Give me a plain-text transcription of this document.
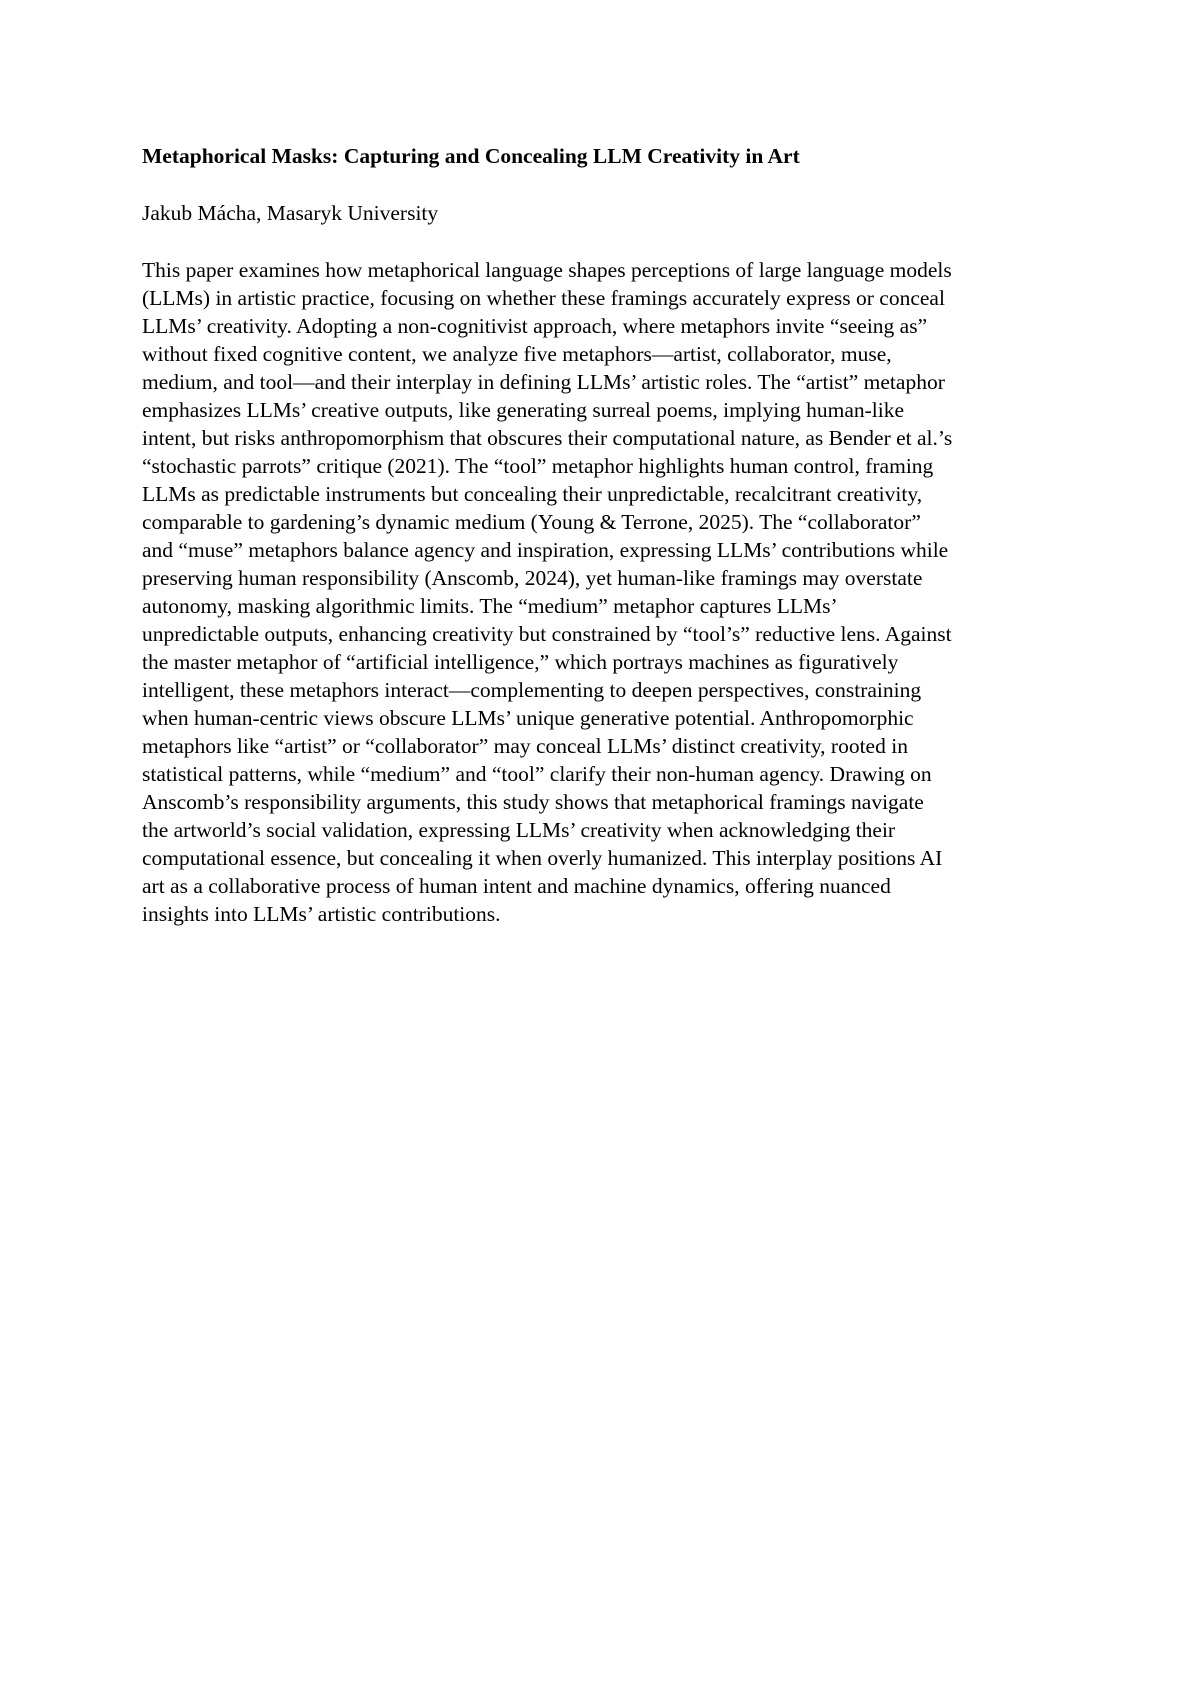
Metaphorical Masks: Capturing and Concealing LLM Creativity in Art

Jakub Mácha, Masaryk University

This paper examines how metaphorical language shapes perceptions of large language models
(LLMs) in artistic practice, focusing on whether these framings accurately express or conceal
LLMs’ creativity. Adopting a non-cognitivist approach, where metaphors invite “seeing as”
without fixed cognitive content, we analyze five metaphors—artist, collaborator, muse,
medium, and tool—and their interplay in defining LLMs’ artistic roles. The “artist” metaphor
emphasizes LLMs’ creative outputs, like generating surreal poems, implying human-like
intent, but risks anthropomorphism that obscures their computational nature, as Bender et al.’s
“stochastic parrots” critique (2021). The “tool” metaphor highlights human control, framing
LLMs as predictable instruments but concealing their unpredictable, recalcitrant creativity,
comparable to gardening’s dynamic medium (Young & Terrone, 2025). The “collaborator”
and “muse” metaphors balance agency and inspiration, expressing LLMs’ contributions while
preserving human responsibility (Anscomb, 2024), yet human-like framings may overstate
autonomy, masking algorithmic limits. The “medium” metaphor captures LLMs’
unpredictable outputs, enhancing creativity but constrained by “tool’s” reductive lens. Against
the master metaphor of “artificial intelligence,” which portrays machines as figuratively
intelligent, these metaphors interact—complementing to deepen perspectives, constraining
when human-centric views obscure LLMs’ unique generative potential. Anthropomorphic
metaphors like “artist” or “collaborator” may conceal LLMs’ distinct creativity, rooted in
statistical patterns, while “medium” and “tool” clarify their non-human agency. Drawing on
Anscomb’s responsibility arguments, this study shows that metaphorical framings navigate
the artworld’s social validation, expressing LLMs’ creativity when acknowledging their
computational essence, but concealing it when overly humanized. This interplay positions AI
art as a collaborative process of human intent and machine dynamics, offering nuanced
insights into LLMs’ artistic contributions.
